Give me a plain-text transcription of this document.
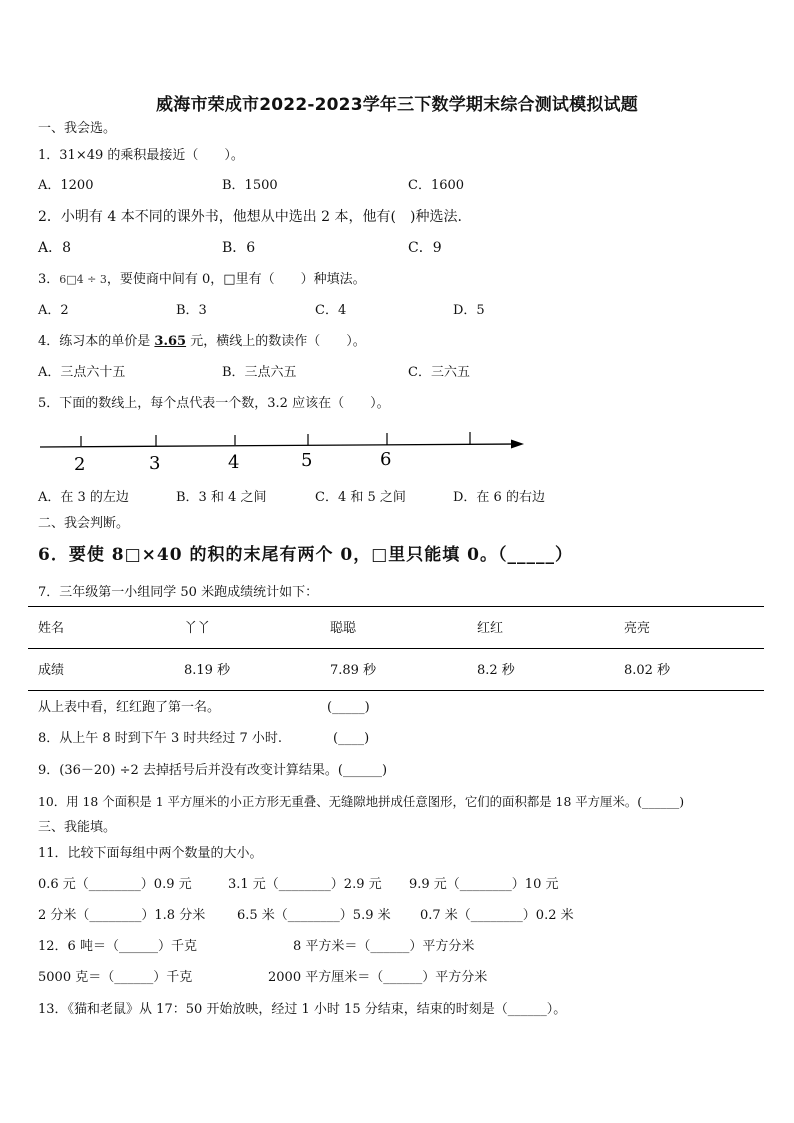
威海市荣成市2022-2023学年三下数学期末综合测试模拟试题
一、我会选。
1．31×49 的乘积最接近（　　）。
A．1200	B．1500	C．1600
2．小明有 4 本不同的课外书，他想从中选出 2 本，他有(　)种选法.
A．8	B．6	C．9
3．6□4 ÷ 3，要使商中间有 0，□里有（　　）种填法。
A．2	B．3	C．4	D．5
4．练习本的单价是 3.65 元，横线上的数读作（　　）。
A．三点六十五	B．三点六五	C．三六五
5．下面的数线上，每个点代表一个数，3.2 应该在（　　）。
2	3	4	5	6
A．在 3 的左边	B．3 和 4 之间	C．4 和 5 之间	D．在 6 的右边
二、我会判断。
6．要使 8□×40 的积的末尾有两个 0，□里只能填 0。（_____）
7．三年级第一小组同学 50 米跑成绩统计如下：
姓名	丫丫	聪聪	红红	亮亮
成绩	8.19 秒	7.89 秒	8.2 秒	8.02 秒
从上表中看，红红跑了第一名。	(_____)
8．从上午 8 时到下午 3 时共经过 7 小时.	(____)
9．(36－20) ÷2 去掉括号后并没有改变计算结果。(______)
10．用 18 个面积是 1 平方厘米的小正方形无重叠、无缝隙地拼成任意图形，它们的面积都是 18 平方厘米。(______)
三、我能填。
11．比较下面每组中两个数量的大小。
0.6 元（________）0.9 元	3.1 元（________）2.9 元 9.9 元（________）10 元
2 分米（________）1.8 分米 6.5 米（________）5.9 米 0.7 米（________）0.2 米
12．6 吨＝（______）千克	8 平方米＝（______）平方分米
5000 克＝（______）千克	2000 平方厘米＝（______）平方分米
13．《猫和老鼠》从 17：50 开始放映，经过 1 小时 15 分结束，结束的时刻是（______）。
